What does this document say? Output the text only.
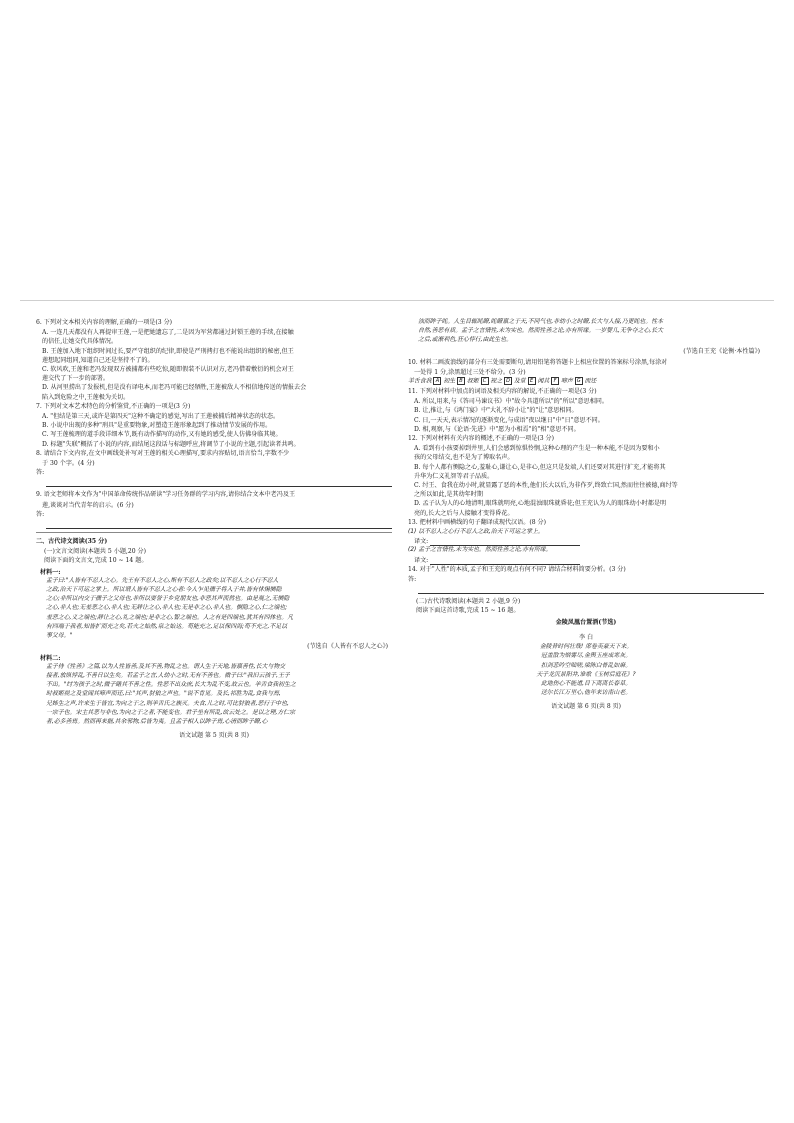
6. 下列对文本相关内容的理解,正确的一项是(3 分)

A. 一连几天都没有人再提审王莲,一是把她遗忘了,二是因为军营都通过封锁王莲的手续,在接触

的信任,让她交代具体情况。

B. 王莲加入地下组织时间过长,要严守组织的纪律,即使是严刑拷打也不能说出组织的秘密,但王

莲想起同组同,知道自己还是坚持不了的。

C. 软风吹,王莲和老冯发现双方被捕都有些吃惊,随即假装不认识对方,老冯借着敷衍的机会对王

莲交代了下一步的部署。

D. 从河里捞出了发报机,但是没有译电本,而老冯可能已经牺牲,王莲被敌人不相信地传送的情报去会

陷入到危险之中,王莲极为关切。

7. 下列对文本艺术特色的分析鉴赏,不正确的一项是(3 分)

A. "但结是第三天,或许是第四天"这种不确定的感觉,写出了王莲被捕后精神状态的状态。

B. 小说中出现的多种"刑具"是重要物象,对塑造王莲形象起到了推动情节发展的作用。

C. 写王莲梳理的道手段详细本节,既有动作描写的动作,又有她的感受,使人仿佛身临其境。

D. 标题"失联"概括了小说的内容,而结尾这段话与标题呼应,将调节了小说的主题,引起读者共鸣。

8. 请结合下文内容,在文中画线处补写对王莲的相关心理描写,要求内容贴切,语言恰当,字数不少

于 30 个字。(4 分)

答:

9. 语文老师将本文作为"中国革命传统作品研读"学习任务群的学习内容,请你结合文本中老冯及王

莲,谈谈对当代青年的启示。(6 分)

答:

二、古代诗文阅读(35 分)

(一)文言文阅读(本题共 5 小题,20 分)

阅读下面的文言文,完成 10 ~ 14 题。

材料一:

孟子曰:"人皆有不忍人之心。先王有不忍人之心,斯有不忍人之政矣;以不忍人之心行不忍人

之政,治天下可运之掌上。所以谓人皆有不忍人之心者:今人乍见孺子将入于井,皆有怵惕恻隐

之心;非所以内交于孺子之父母也,非所以要誉于乡党朋友也,非恶其声而然也。由是观之,无恻隐

之心,非人也;无羞恶之心,非人也;无辞让之心,非人也;无是非之心,非人也。恻隐之心,仁之端也;

羞恶之心,义之端也;辞让之心,礼之端也;是非之心,智之端也。人之有是四端也,犹其有四体也。凡

有四端于我者,知皆扩而充之矣,若火之始然,泉之始达。苟能充之,足以保四海;苟不充之,不足以

事父母。"

(节选自《人皆有不忍人之心》)

材料二:

孟子待《性善》之篇,以为人性皆善,及其不善,物乱之也。谓人生于天地,皆禀善性,长大与物交

接者,放纵悖乱,不善日以生矣。若孟子之言,人幼小之时,无有不善也。微子曰:"我旧云孩子,王子

不出。"纣为孩子之时,微子睹其不善之性。性恶不出众庶,长大为乱不变,故云也。羊舌食我初生之

时叔姬视之及堂闻其啼声而还,曰:"其声,豺狼之声也。"说不肯见。及长,祁胜为乱,食我与焉,

兄姊生之声,许来生于皆宜,为向之于之,则羊舌氏之族灭。夫食,儿之时,可比豺狼者,恶行于中也,

一宗子也。宋主其恶与非也,为向之于之者,不能变也。君子坐有所乱,故云处之。是以之理,方仁宗

者,必多善焉。然而再来据,其余邪物,后皆为夷。且孟子相人以眸子焉,心清而眸子瞭,心

语文试题 第 5 页(共 8 页)

浊而眸子眊。人生目辄眊瞭,眊瞭禀之于天,不同气也,非幼小之时瞭,长大与人接,乃更眊也。性本

自然,善恶有质。孟子之言情性,未为实也。然而性善之论,亦有所缘。一岁婴儿,无争夺之心,长大

之后,或渐利色,狂心悖行,由此生也。

(节选自王充《论衡·本性篇》)

10. 材料二画波浪线的部分有三处需要断句,请用铅笔将答题卡上相应位置的答案标号涂黑,每涂对

一处得 1 分,涂黑超过三处不给分。(3 分)

羊舌食我 A 初生 B 叔姬 C 视之 D 及堂 E 闻其 F 啼声 G 而还

11. 下列对材料中加点的词语及相关内容的解说,不正确的一项是(3 分)

A. 所以,用来,与《答司马谏议书》中"故今具道所以"的"所以"意思相同。

B. 让,推让,与《鸿门宴》中"大礼不辞小让"的"让"意思相同。

C. 日,一天天,表示情况的逐渐变化,与成语"夜以继日"中"日"意思不同。

D. 相,观察,与《论语·先进》中"愿为小相焉"的"相"意思不同。

12. 下列对材料有关内容的概述,不正确的一项是(3 分)

A. 看到有小孩要掉到井里,人们会感到惊惧怜悯,这种心理的产生是一种本能,不是因为要和小

孩的父母结交,也不是为了博取名声。

B. 每个人都有恻隐之心,羞耻心,谦让心,是非心,但这只是发端,人们还要对其进行扩充,才能将其

升华为仁义礼智等君子品质。

C. 纣王、食我在幼小时,就显露了恶的本性,他们长大以后,为非作歹,终致亡国,然而往往被德,商纣等

之所以如此,是其幼年时期

D. 孟子认为人的心地清明,眼珠就明亮,心地混浊眼珠就昏花;但王充认为人的眼珠幼小时都是明

亮的,长大之后与人接触才变得昏花。

13. 把材料中画横线的句子翻译成现代汉语。(8 分)

(1) 以不忍人之心行不忍人之政,治天下可运之掌上。

译文:

(2) 孟子之言情性,未为实也。然而性善之论,亦有所缘。

译文:

14. 对于"人性"的本质,孟子和王充的观点有何不同? 请结合材料简要分析。(3 分)

答:

(二)古代诗歌阅读(本题共 2 小题,9 分)

阅读下面这首诗歌,完成 15 ~ 16 题。

金陵凤凰台置酒(节选)

李 白

金陵昔时何壮哉! 席卷英豪天下来。

冠盖散为烟雾尽,金舆玉座成寒灰。

扣剑悲吟空咄嗟,梁陈白骨乱如麻。

天子龙沉景阳井,谁歌《玉树后庭花》?

此地伤心不能道,目下离离长春草。

送尔长江万里心,他年来访南山老。

语文试题 第 6 页(共 8 页)
